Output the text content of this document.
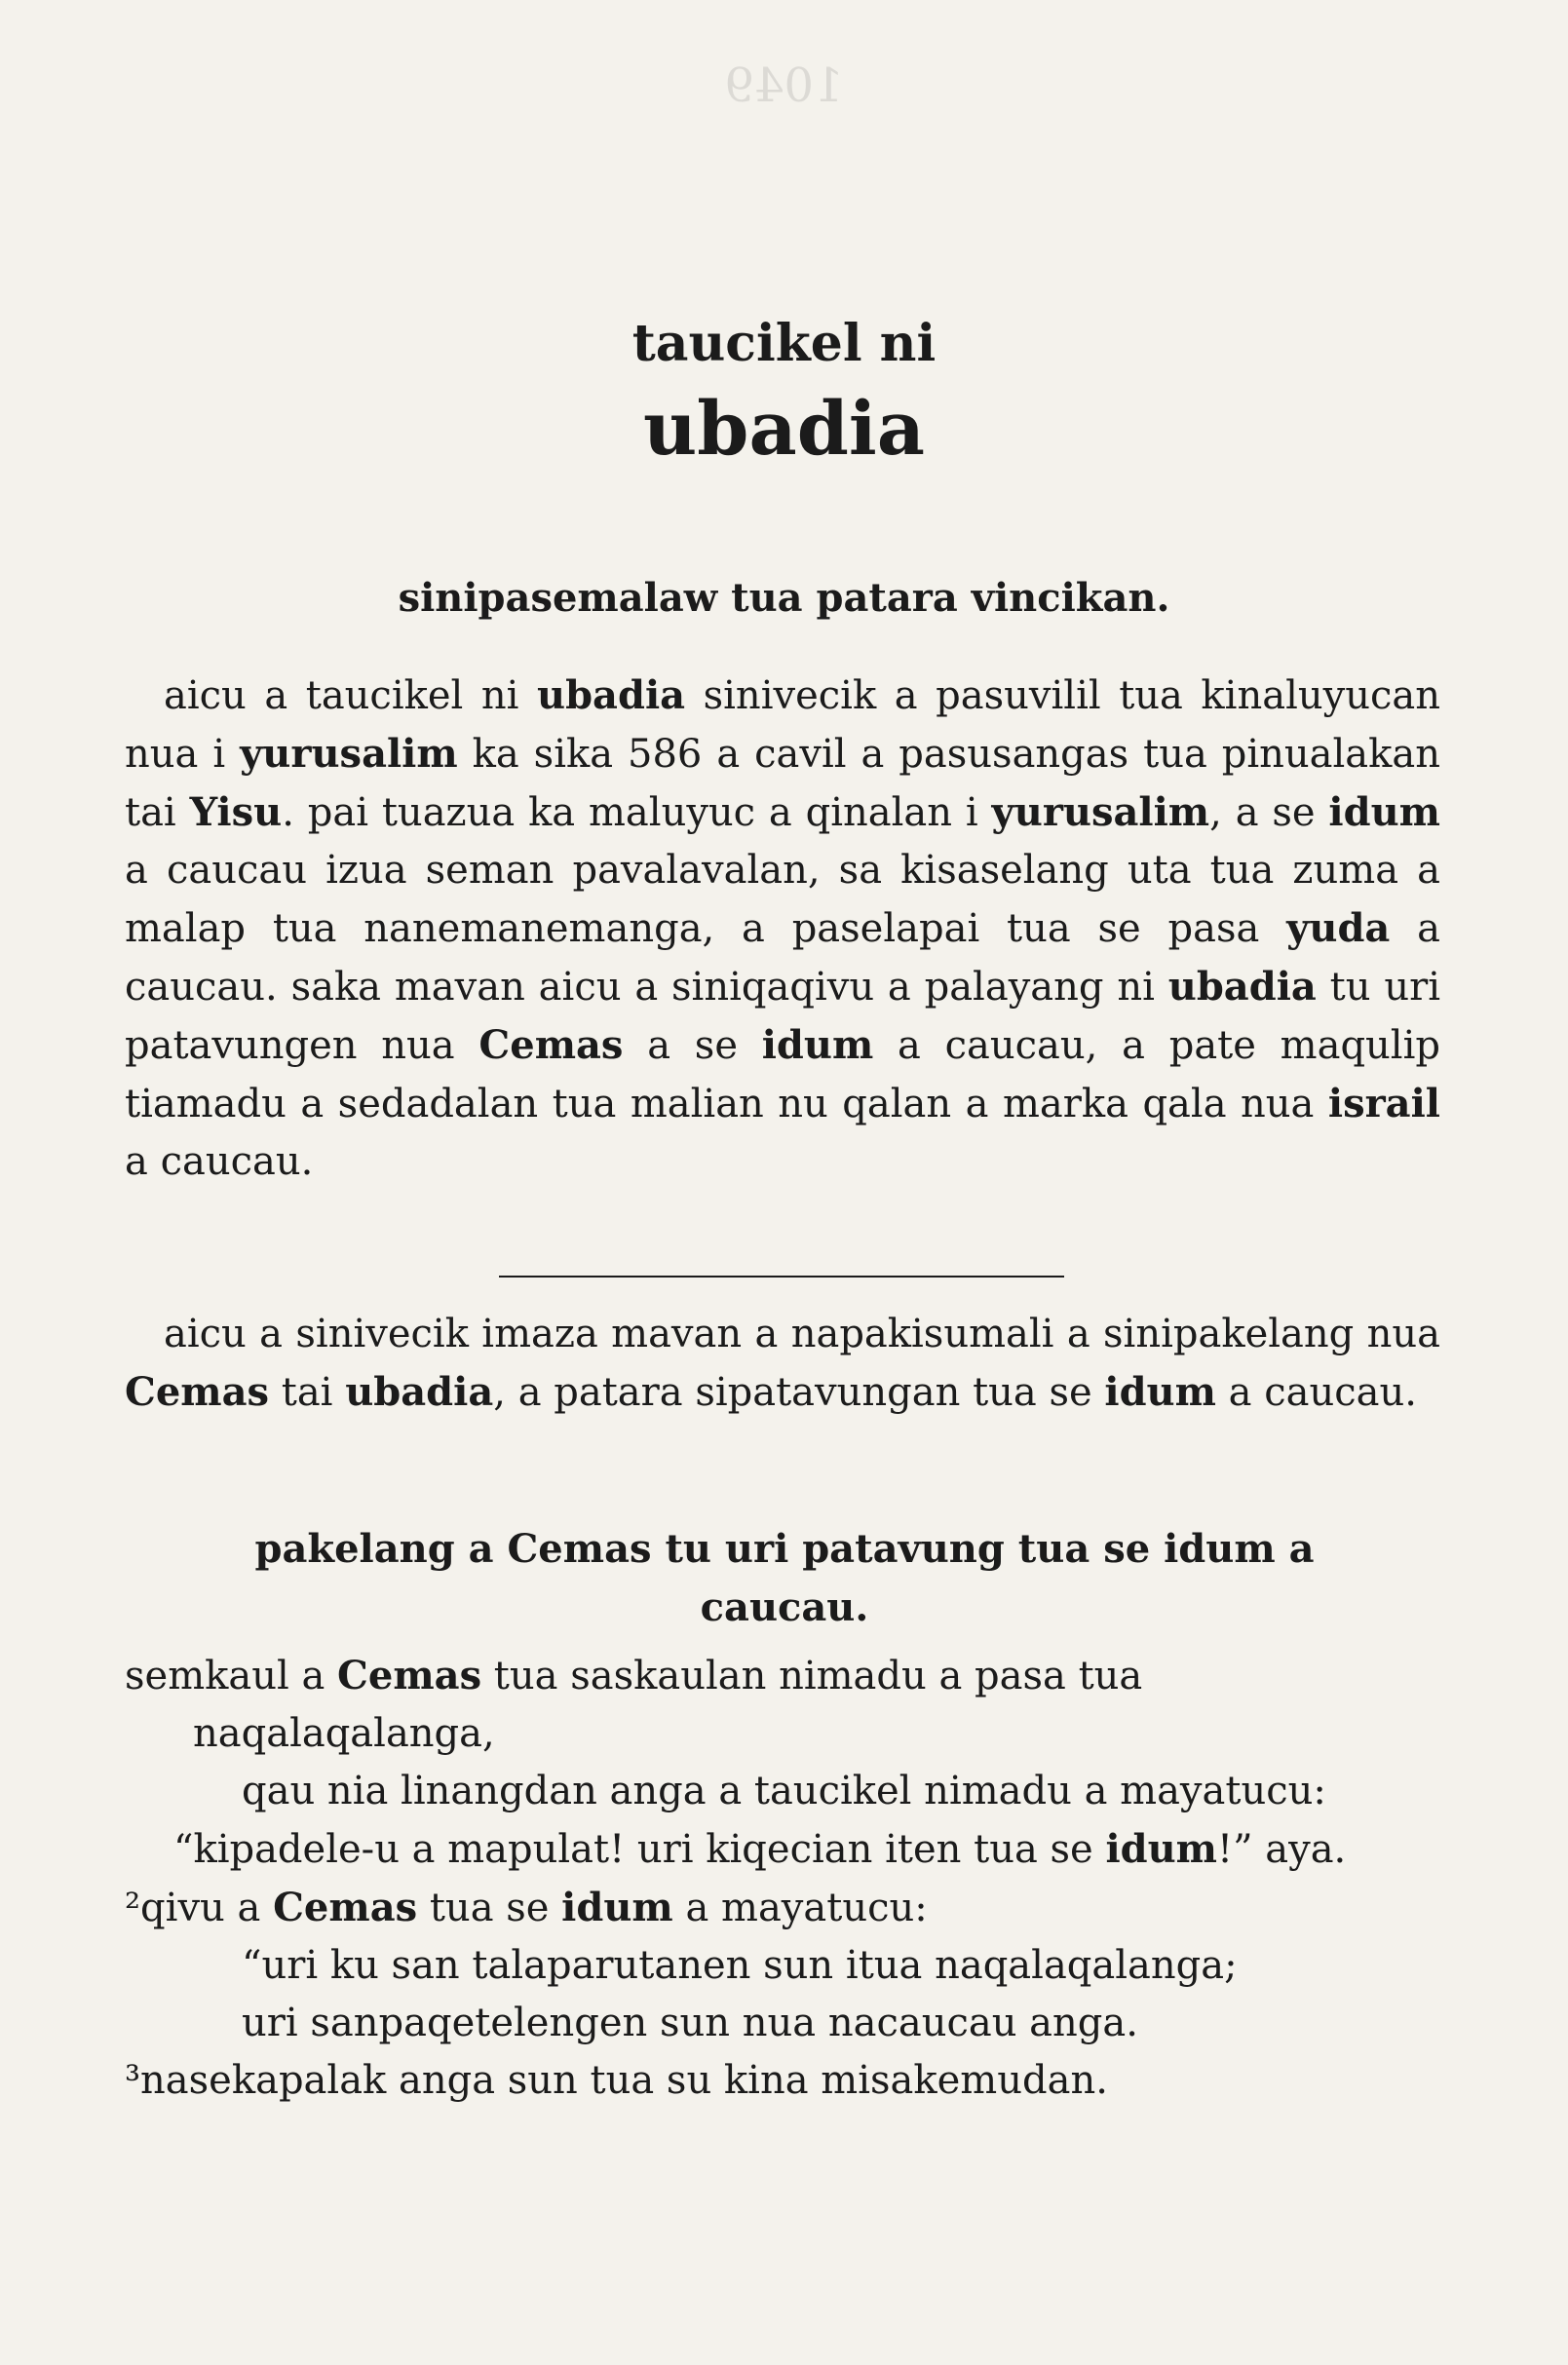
1049
taucikel ni
ubadia
sinipasemalaw tua patara vincikan.
aicu a taucikel ni ubadia sinivecik a pasuvilil tua kinaluyucan nua i yurusalim ka sika 586 a cavil a pasusangas tua pinualakan tai Yisu. pai tuazua ka maluyuc a qinalan i yurusalim, a se idum a caucau izua seman pavalavalan, sa kisaselang uta tua zuma a malap tua nanemanemanga, a paselapai tua se pasa yuda a caucau. saka mavan aicu a siniqaqivu a palayang ni ubadia tu uri patavungen nua Cemas a se idum a caucau, a pate maqulip tiamadu a sedadalan tua malian nu qalan a marka qala nua israil a caucau.
aicu a sinivecik imaza mavan a napakisumali a sinipakelang nua Cemas tai ubadia, a patara sipatavungan tua se idum a caucau.
pakelang a Cemas tu uri patavung tua se idum a caucau.
semkaul a Cemas tua saskaulan nimadu a pasa tua naqalaqalanga,
qau nia linangdan anga a taucikel nimadu a mayatucu:
“kipadele-u a mapulat! uri kiqecian iten tua se idum!” aya.
²qivu a Cemas tua se idum a mayatucu:
“uri ku san talaparutanen sun itua naqalaqalanga;
uri sanpaqetelengen sun nua nacaucau anga.
³nasekapalak anga sun tua su kina misakemudan.
